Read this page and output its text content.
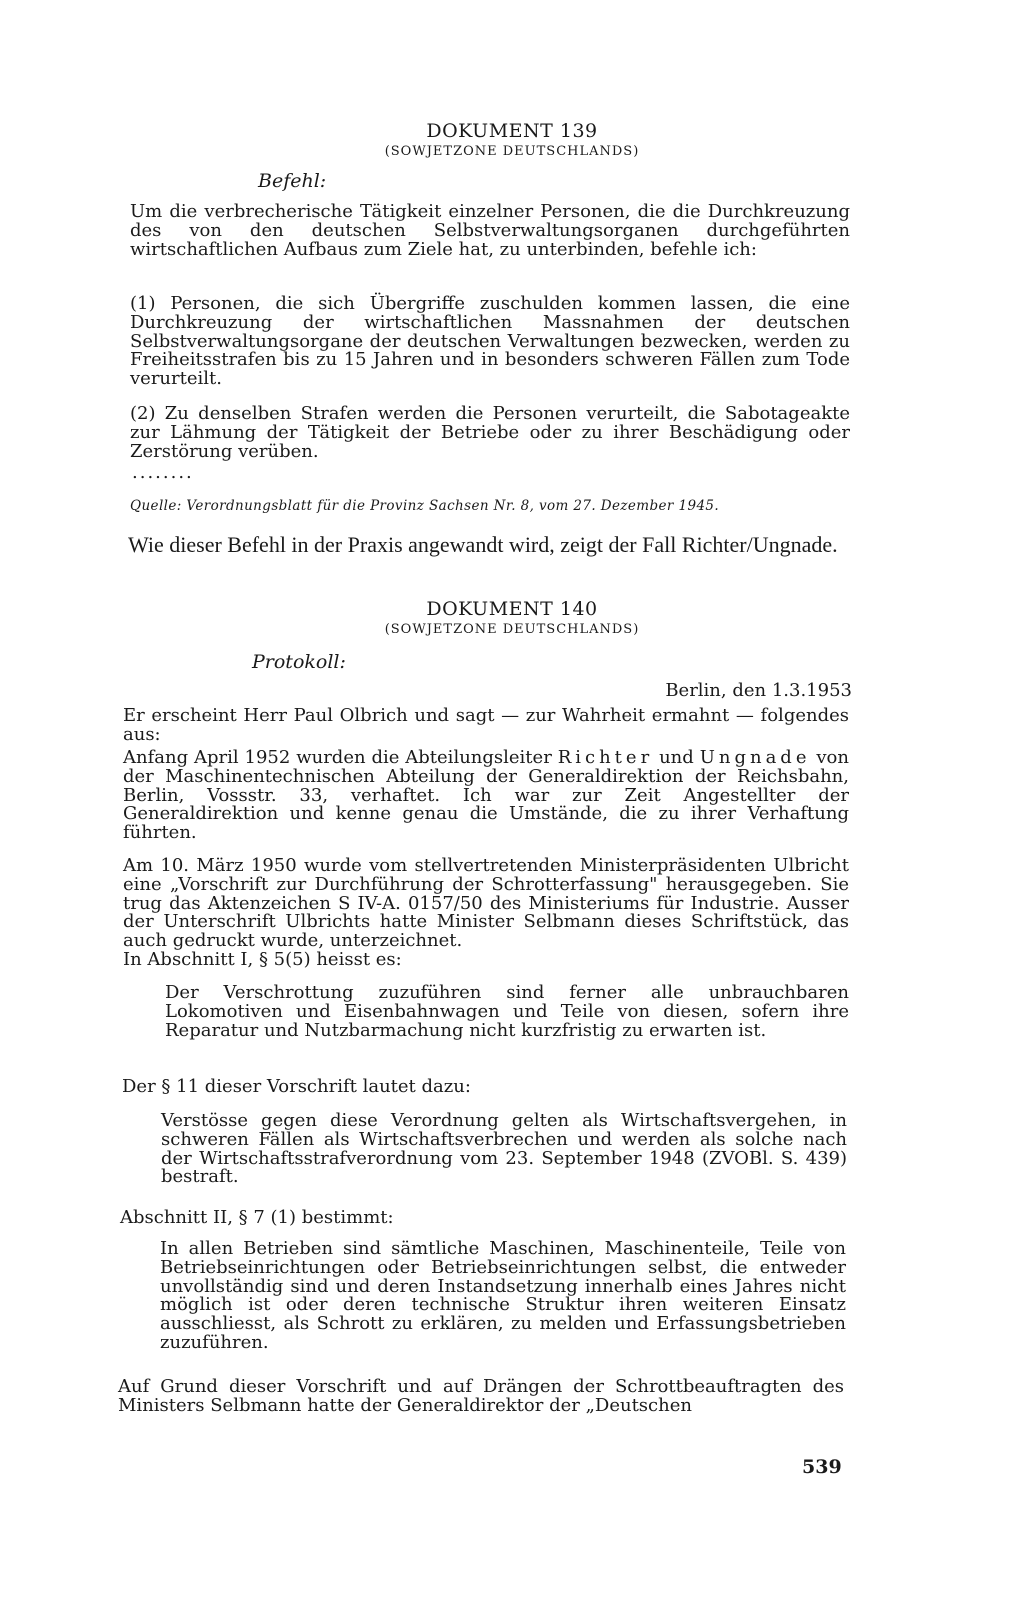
DOKUMENT 139
(SOWJETZONE DEUTSCHLANDS)
Befehl:
Um die verbrecherische Tätigkeit einzelner Personen, die die Durchkreuzung des von den deutschen Selbstverwaltungsorganen durchgeführten wirtschaftlichen Aufbaus zum Ziele hat, zu unterbinden, befehle ich:
(1) Personen, die sich Übergriffe zuschulden kommen lassen, die eine Durchkreuzung der wirtschaftlichen Massnahmen der deutschen Selbstverwaltungsorgane der deutschen Verwaltungen bezwecken, werden zu Freiheitsstrafen bis zu 15 Jahren und in besonders schweren Fällen zum Tode verurteilt.
(2) Zu denselben Strafen werden die Personen verurteilt, die Sabotageakte zur Lähmung der Tätigkeit der Betriebe oder zu ihrer Beschädigung oder Zerstörung verüben.
........
Quelle: Verordnungsblatt für die Provinz Sachsen Nr. 8, vom 27. Dezember 1945.
Wie dieser Befehl in der Praxis angewandt wird, zeigt der Fall Richter/Ungnade.
DOKUMENT 140
(SOWJETZONE DEUTSCHLANDS)
Protokoll:
Berlin, den 1.3.1953
Er erscheint Herr Paul Olbrich und sagt — zur Wahrheit ermahnt — folgendes aus:
Anfang April 1952 wurden die Abteilungsleiter Richter und Ungnade von der Maschinentechnischen Abteilung der Generaldirektion der Reichsbahn, Berlin, Vossstr. 33, verhaftet. Ich war zur Zeit Angestellter der Generaldirektion und kenne genau die Umstände, die zu ihrer Verhaftung führten.
Am 10. März 1950 wurde vom stellvertretenden Ministerpräsidenten Ulbricht eine „Vorschrift zur Durchführung der Schrotterfassung" herausgegeben. Sie trug das Aktenzeichen S IV-A. 0157/50 des Ministeriums für Industrie. Ausser der Unterschrift Ulbrichts hatte Minister Selbmann dieses Schriftstück, das auch gedruckt wurde, unterzeichnet.
In Abschnitt I, § 5(5) heisst es:
Der Verschrottung zuzuführen sind ferner alle unbrauchbaren Lokomotiven und Eisenbahnwagen und Teile von diesen, sofern ihre Reparatur und Nutzbarmachung nicht kurzfristig zu erwarten ist.
Der § 11 dieser Vorschrift lautet dazu:
Verstösse gegen diese Verordnung gelten als Wirtschaftsvergehen, in schweren Fällen als Wirtschaftsverbrechen und werden als solche nach der Wirtschaftsstrafverordnung vom 23. September 1948 (ZVOBl. S. 439) bestraft.
Abschnitt II, § 7 (1) bestimmt:
In allen Betrieben sind sämtliche Maschinen, Maschinenteile, Teile von Betriebseinrichtungen oder Betriebseinrichtungen selbst, die entweder unvollständig sind und deren Instandsetzung innerhalb eines Jahres nicht möglich ist oder deren technische Struktur ihren weiteren Einsatz ausschliesst, als Schrott zu erklären, zu melden und Erfassungsbetrieben zuzuführen.
Auf Grund dieser Vorschrift und auf Drängen der Schrottbeauftragten des Ministers Selbmann hatte der Generaldirektor der „Deutschen
539
